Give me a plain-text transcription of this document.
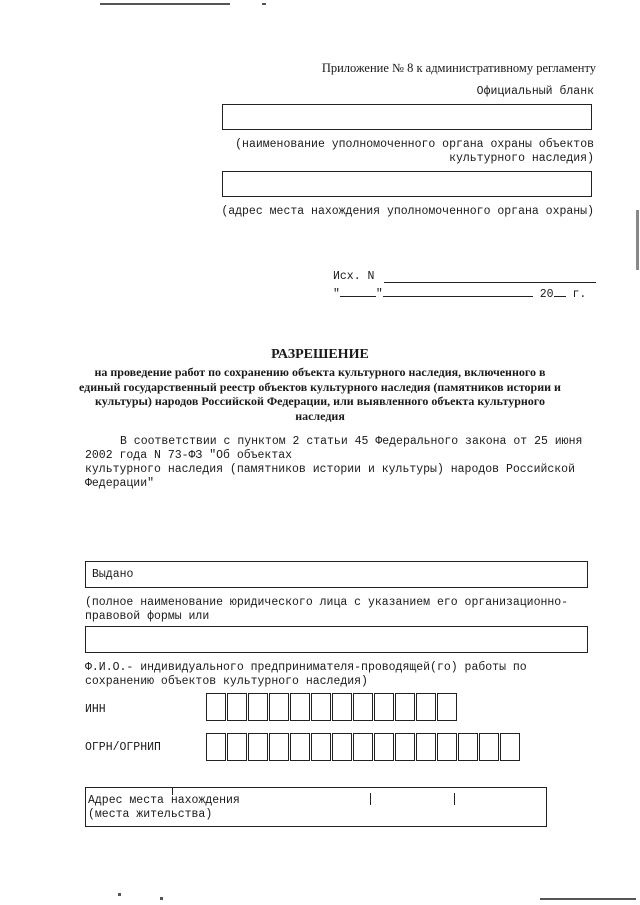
Приложение № 8 к административному регламенту
Официальный бланк
(наименование уполномоченного органа охраны объектов культурного наследия)
(адрес места нахождения уполномоченного органа охраны)
Исх. N
"	"	20 г.
РАЗРЕШЕНИЕ
на проведение работ по сохранению объекта культурного наследия, включенного в единый государственный реестр объектов культурного наследия (памятников истории и культуры) народов Российской Федерации, или выявленного объекта культурного наследия
В соответствии с пунктом 2 статьи 45 Федерального закона от 25 июня
2002 года N 73-ФЗ "Об объектах
культурного наследия (памятников истории и культуры) народов Российской
Федерации"
Выдано
(полное наименование юридического лица с указанием его организационно-правовой формы или
Ф.И.О.- индивидуального предпринимателя-проводящей(го) работы по сохранению объектов культурного наследия)
ИНН
ОГРН/ОГРНИП
Адрес места нахождения
(места жительства)
